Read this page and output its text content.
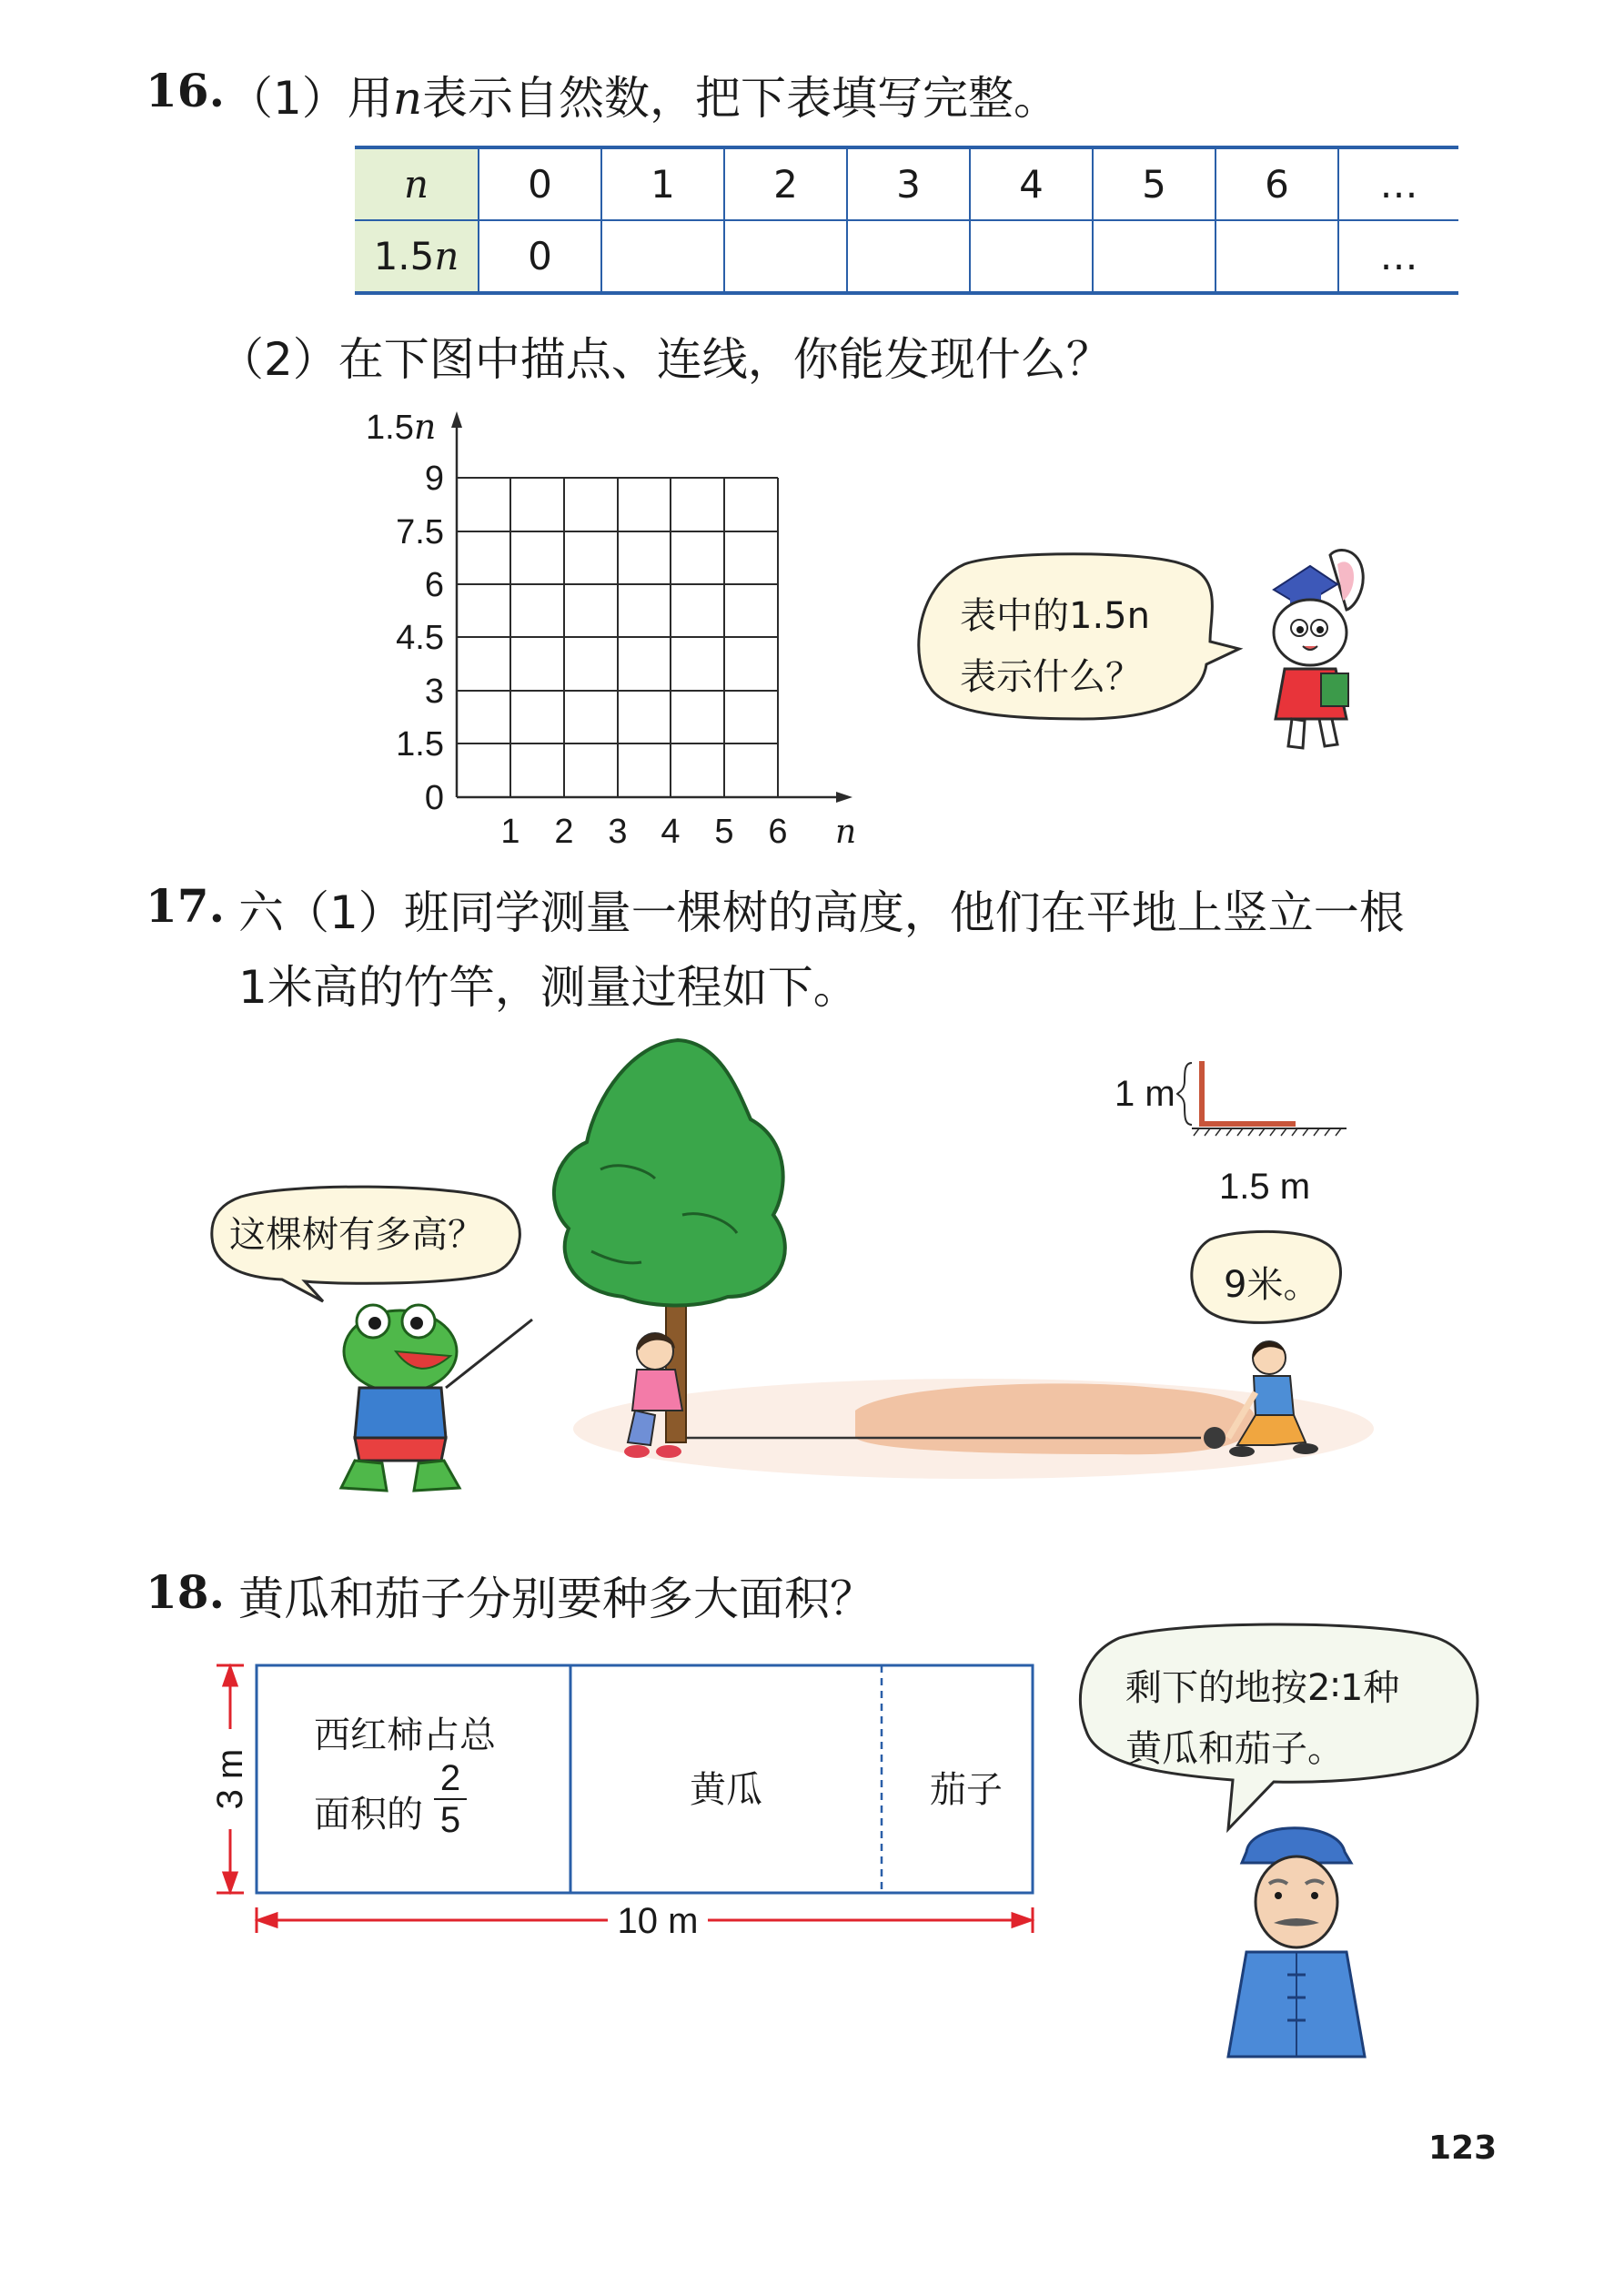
16. （1）用n表示自然数，把下表填写完整。
n	0	1	2	3	4	5	6	…
1.5n	0							…
（2）在下图中描点、连线，你能发现什么？
9
7.5
6
4.5
3
1.5
0
1 2 3 4 5 6 n
1.5n
表中的1.5n
表示什么？
17. 六（1）班同学测量一棵树的高度，他们在平地上竖立一根
1米高的竹竿，测量过程如下。
1 m
1.5 m
9米。
这棵树有多高？
18. 黄瓜和茄子分别要种多大面积？
10 m
3 m
西红柿占总
面积的
2
5
黄瓜	茄子
剩下的地按2∶1种
黄瓜和茄子。
123
